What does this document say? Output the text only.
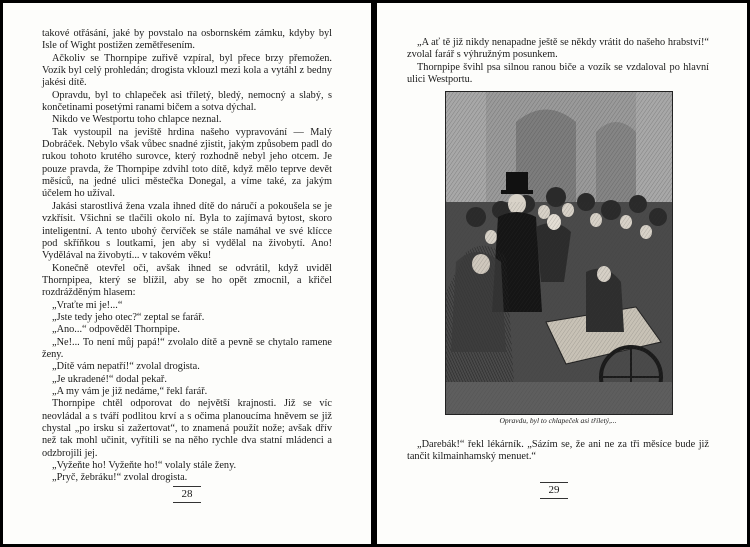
takové otřásání, jaké by povstalo na osbornském zámku, kdyby byl Isle of Wight postižen zemětřesením.

Ačkoliv se Thornpipe zuřivě vzpíral, byl přece brzy přemožen. Vozík byl celý prohledán; drogista vklouzl mezi kola a vytáhl z bedny jakési dítě.

Opravdu, byl to chlapeček asi tříletý, bledý, nemocný a slabý, s končetinami posetými ranami bičem a sotva dýchal.

Nikdo ve Westportu toho chlapce neznal.

Tak vystoupil na jeviště hrdina našeho vypravování — Malý Dobráček. Nebylo však vůbec snadné zjistit, jakým způsobem padl do rukou tohoto krutého surovce, který rozhodně nebyl jeho otcem. Je pouze pravda, že Thornpipe zdvihl toto dítě, když mělo teprve devět měsíců, na jedné ulici městečka Donegal, a víme také, za jakým účelem ho užíval.

Jakási starostlivá žena vzala ihned dítě do náručí a pokoušela se je vzkřísit. Všichni se tlačili okolo ní. Byla to zajímavá bytost, skoro inteligentní. A tento ubohý červíček se stále namáhal ve své klícce pod skříňkou s loutkami, jen aby si vydělal na živobytí. Ano! Vydělával na živobytí... v takovém věku!

Konečně otevřel oči, avšak ihned se odvrátil, když uviděl Thornpipea, který se blížil, aby se ho opět zmocnil, a křičel rozdrážděným hlasem:

„Vraťte mi je!...“

„Jste tedy jeho otec?“ zeptal se farář.

„Ano...“ odpověděl Thornpipe.

„Ne!... To není můj papá!“ zvolalo dítě a pevně se chytalo ramene ženy.

„Dítě vám nepatří!“ zvolal drogista.

„Je ukradené!“ dodal pekař.

„A my vám je již nedáme,“ řekl farář.

Thornpipe chtěl odporovat do největší krajnosti. Již se víc neovládal a s tváří podlitou krví a s očima planoucíma hněvem se již chystal „po irsku si zažertovat“, to znamená použít nože; avšak dřív než tak mohl učinit, vyřítili se na něho rychle dva statní mládenci a odzbrojili jej.

„Vyžeňte ho! Vyžeňte ho!“ volaly stále ženy.

„Pryč, žebráku!“ zvolal drogista.

28

„A ať tě již nikdy nenapadne ještě se někdy vrátit do našeho hrabství!“ zvolal farář s výhružným posunkem.

Thornpipe švihl psa silnou ranou biče a vozík se vzdaloval po hlavní ulici Westportu.

Opravdu, byl to chlapeček asi tříletý,...

„Darebák!“ řekl lékárník. „Sázím se, že ani ne za tři měsíce bude již tančit kilmainhamský menuet.“

29
